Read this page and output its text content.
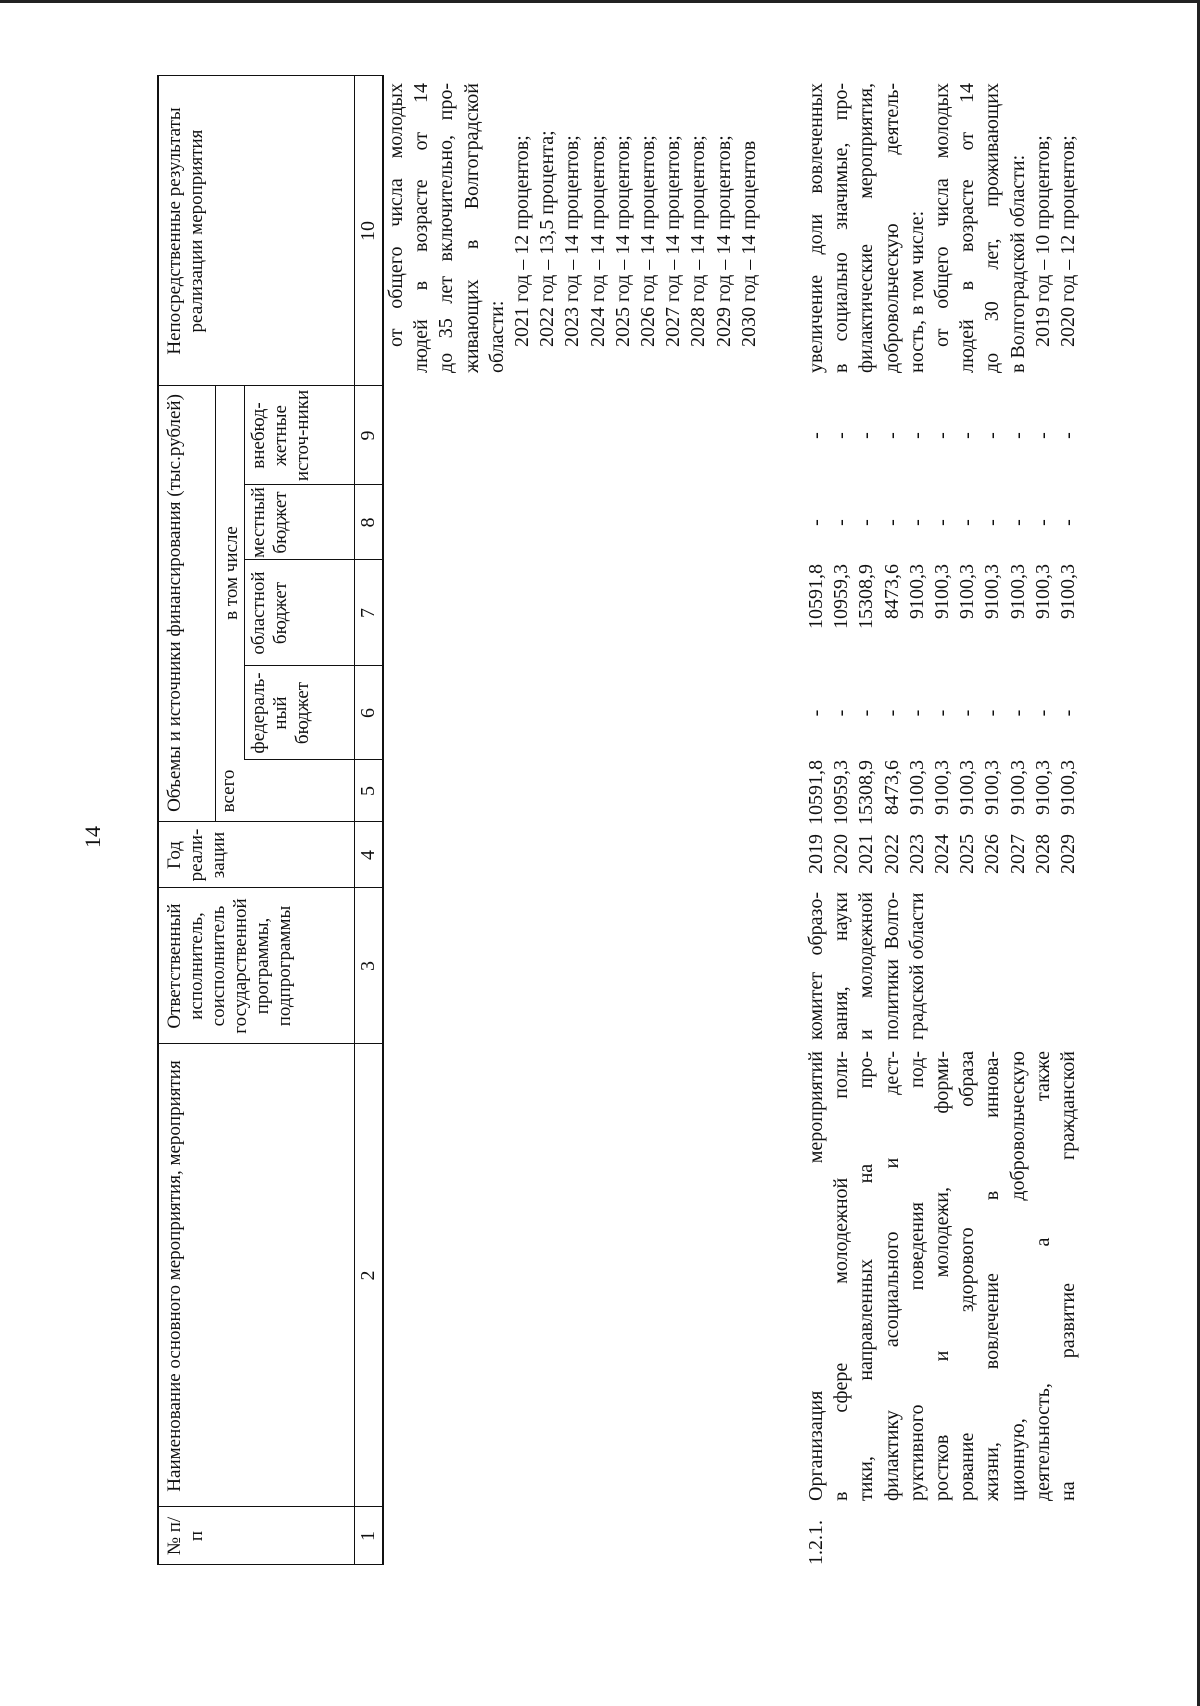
14
№ п/п
Наименование основного мероприятия, мероприятия
Ответственный исполнитель, соисполнитель государственной программы, подпрограммы
Год реали-зации
Объемы и источники финансирования (тыс.рублей) всего
в том числе
федераль-ный бюджет
областной бюджет
местный бюджет
внебюд-жетные источ-ники
Непосредственные результаты реализации мероприятия
1
2
3
4
5
6
7
8
9
10 от общего числа молодых людей в возрасте от 14 до 35 лет включительно, про- живающих в Волгоградской области: 2021 год – 12 процентов; 2022 год – 13,5 процента; 2023 год – 14 процентов; 2024 год – 14 процентов; 2025 год – 14 процентов; 2026 год – 14 процентов; 2027 год – 14 процентов; 2028 год – 14 процентов; 2029 год – 14 процентов; 2030 год – 14 процентов
1.2.1.
Организация мероприятий в сфере молодежной поли- тики, направленных на про- филактику асоциального и дест- руктивного поведения под- ростков и молодежи, форми- рование здорового образа жизни, вовлечение в иннова- ционную, добровольческую деятельность, а также на развитие гражданской
комитет образо- вания, науки и молодежной политики Волго- градской области
2019 2020 2021 2022 2023 2024 2025 2026 2027 2028 2029
10591,8 10959,3 15308,9 8473,6 9100,3 9100,3 9100,3 9100,3 9100,3 9100,3 9100,3
- - - - - - - - - - -
10591,8 10959,3 15308,9 8473,6 9100,3 9100,3 9100,3 9100,3 9100,3 9100,3 9100,3
- - - - - - - - - - -
- - - - - - - - - - -
увеличение доли вовлеченных в социально значимые, про- филактические мероприятия, добровольческую деятель- ность, в том числе: от общего числа молодых людей в возрасте от 14 до 30 лет, проживающих в Волгоградской области: 2019 год – 10 процентов; 2020 год – 12 процентов;
